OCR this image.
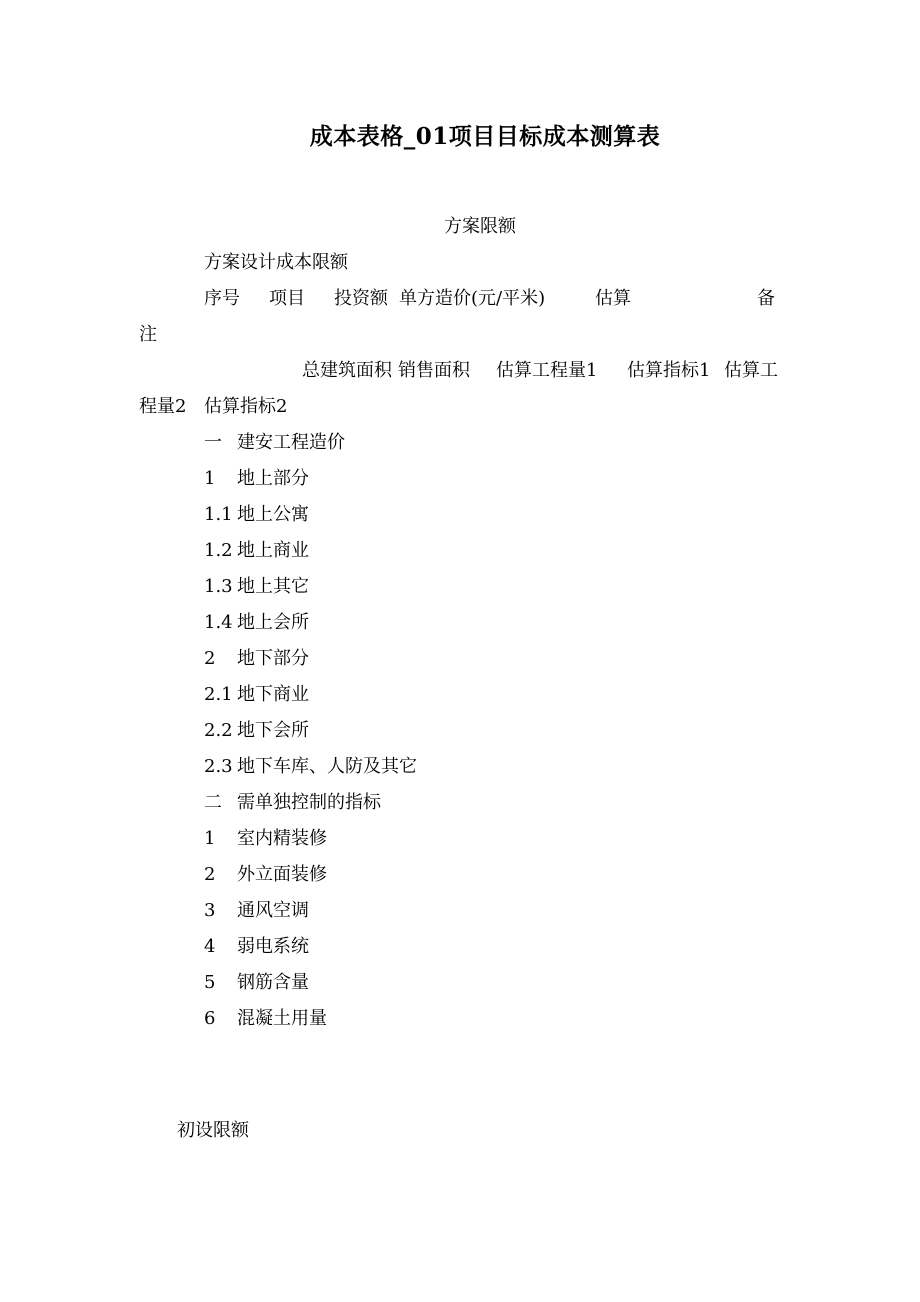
成本表格_01项目目标成本测算表
方案限额
方案设计成本限额
序号 项目 投资额 单方造价(元/平米)	估算	备
注
总建筑面积 销售面积 估算工程量1 估算指标1 估算工
程量2 估算指标2
一 建安工程造价
1 地上部分
1.1 地上公寓
1.2 地上商业
1.3 地上其它
1.4 地上会所
2 地下部分
2.1 地下商业
2.2 地下会所
2.3 地下车库、人防及其它
二 需单独控制的指标
1 室内精装修
2 外立面装修
3 通风空调
4 弱电系统
5 钢筋含量
6 混凝土用量
初设限额
